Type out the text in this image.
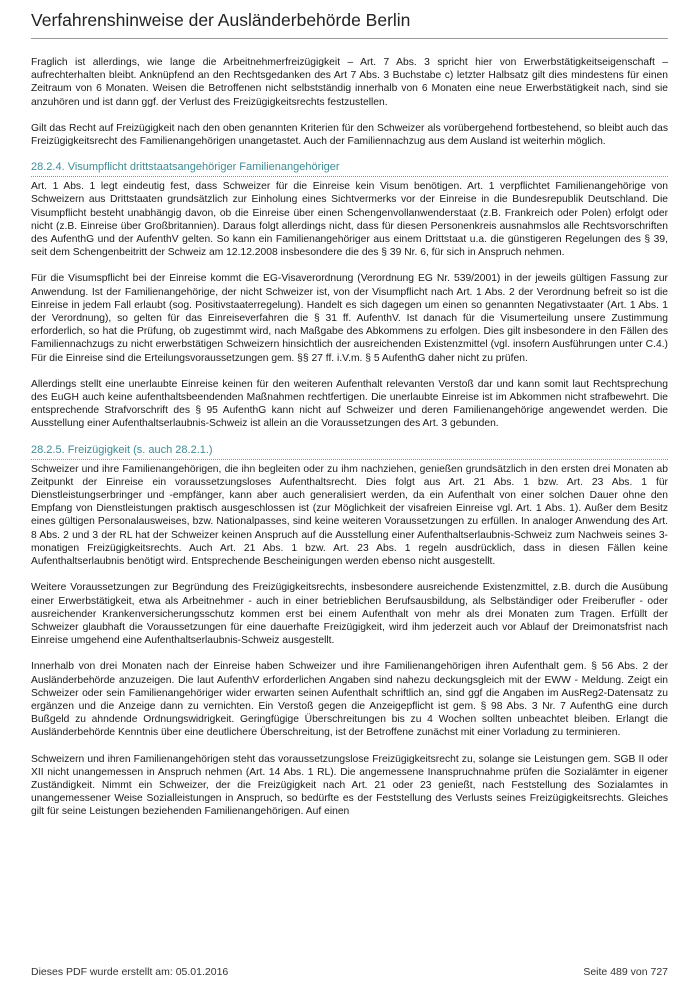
Verfahrenshinweise der Ausländerbehörde Berlin

Fraglich ist allerdings, wie lange die Arbeitnehmerfreizügigkeit – Art. 7 Abs. 3 spricht hier von Erwerbstätigkeitseigenschaft – aufrechterhalten bleibt. Anknüpfend an den Rechtsgedanken des Art 7 Abs. 3 Buchstabe c) letzter Halbsatz gilt dies mindestens für einen Zeitraum von 6 Monaten. Weisen die Betroffenen nicht selbstständig innerhalb von 6 Monaten eine neue Erwerbstätigkeit nach, sind sie anzuhören und ist dann ggf. der Verlust des Freizügigkeitsrechts festzustellen.

Gilt das Recht auf Freizügigkeit nach den oben genannten Kriterien für den Schweizer als vorübergehend fortbestehend, so bleibt auch das Freizügigkeitsrecht des Familienangehörigen unangetastet. Auch der Familiennachzug aus dem Ausland ist weiterhin möglich.

28.2.4. Visumpflicht drittstaatsangehöriger Familienangehöriger

Art. 1 Abs. 1 legt eindeutig fest, dass Schweizer für die Einreise kein Visum benötigen. Art. 1 verpflichtet Familienangehörige von Schweizern aus Drittstaaten grundsätzlich zur Einholung eines Sichtvermerks vor der Einreise in die Bundesrepublik Deutschland. Die Visumpflicht besteht unabhängig davon, ob die Einreise über einen Schengenvollanwenderstaat (z.B. Frankreich oder Polen) erfolgt oder nicht (z.B. Einreise über Großbritannien). Daraus folgt allerdings nicht, dass für diesen Personenkreis ausnahmslos alle Rechtsvorschriften des AufenthG und der AufenthV gelten. So kann ein Familienangehöriger aus einem Drittstaat u.a. die günstigeren Regelungen des § 39, seit dem Schengenbeitritt der Schweiz am 12.12.2008 insbesondere die des § 39 Nr. 6, für sich in Anspruch nehmen.

Für die Visumspflicht bei der Einreise kommt die EG-Visaverordnung (Verordnung EG Nr. 539/2001) in der jeweils gültigen Fassung zur Anwendung. Ist der Familienangehörige, der nicht Schweizer ist, von der Visumpflicht nach Art. 1 Abs. 2 der Verordnung befreit so ist die Einreise in jedem Fall erlaubt (sog. Positivstaaterregelung). Handelt es sich dagegen um einen so genannten Negativstaater (Art. 1 Abs. 1 der Verordnung), so gelten für das Einreiseverfahren die § 31 ff. AufenthV. Ist danach für die Visumerteilung unsere Zustimmung erforderlich, so hat die Prüfung, ob zugestimmt wird, nach Maßgabe des Abkommens zu erfolgen. Dies gilt insbesondere in den Fällen des Familiennachzugs zu nicht erwerbstätigen Schweizern hinsichtlich der ausreichenden Existenzmittel (vgl. insofern Ausführungen unter C.4.) Für die Einreise sind die Erteilungsvoraussetzungen gem. §§ 27 ff. i.V.m. § 5 AufenthG daher nicht zu prüfen.

Allerdings stellt eine unerlaubte Einreise keinen für den weiteren Aufenthalt relevanten Verstoß dar und kann somit laut Rechtsprechung des EuGH auch keine aufenthaltsbeendenden Maßnahmen rechtfertigen. Die unerlaubte Einreise ist im Abkommen nicht strafbewehrt. Die entsprechende Strafvorschrift des § 95 AufenthG kann nicht auf Schweizer und deren Familienangehörige angewendet werden. Die Ausstellung einer Aufenthaltserlaubnis-Schweiz ist allein an die Voraussetzungen des Art. 3 gebunden.

28.2.5. Freizügigkeit (s. auch 28.2.1.)

Schweizer und ihre Familienangehörigen, die ihn begleiten oder zu ihm nachziehen, genießen grundsätzlich in den ersten drei Monaten ab Zeitpunkt der Einreise ein voraussetzungsloses Aufenthaltsrecht. Dies folgt aus Art. 21 Abs. 1 bzw. Art. 23 Abs. 1 für Dienstleistungserbringer und -empfänger, kann aber auch generalisiert werden, da ein Aufenthalt von einer solchen Dauer ohne den Empfang von Dienstleistungen praktisch ausgeschlossen ist (zur Möglichkeit der visafreien Einreise vgl. Art. 1 Abs. 1). Außer dem Besitz eines gültigen Personalausweises, bzw. Nationalpasses, sind keine weiteren Voraussetzungen zu erfüllen. In analoger Anwendung des Art. 8 Abs. 2 und 3 der RL hat der Schweizer keinen Anspruch auf die Ausstellung einer Aufenthaltserlaubnis-Schweiz zum Nachweis seines 3-monatigen Freizügigkeitsrechts. Auch Art. 21 Abs. 1 bzw. Art. 23 Abs. 1 regeln ausdrücklich, dass in diesen Fällen keine Aufenthaltserlaubnis benötigt wird. Entsprechende Bescheinigungen werden ebenso nicht ausgestellt.

Weitere Voraussetzungen zur Begründung des Freizügigkeitsrechts, insbesondere ausreichende Existenzmittel, z.B. durch die Ausübung einer Erwerbstätigkeit, etwa als Arbeitnehmer - auch in einer betrieblichen Berufsausbildung, als Selbständiger oder Freiberufler - oder ausreichender Krankenversicherungsschutz kommen erst bei einem Aufenthalt von mehr als drei Monaten zum Tragen. Erfüllt der Schweizer glaubhaft die Voraussetzungen für eine dauerhafte Freizügigkeit, wird ihm jederzeit auch vor Ablauf der Dreimonatsfrist nach Einreise umgehend eine Aufenthaltserlaubnis-Schweiz ausgestellt.

Innerhalb von drei Monaten nach der Einreise haben Schweizer und ihre Familienangehörigen ihren Aufenthalt gem. § 56 Abs. 2 der Ausländerbehörde anzuzeigen. Die laut AufenthV erforderlichen Angaben sind nahezu deckungsgleich mit der EWW - Meldung. Zeigt ein Schweizer oder sein Familienangehöriger wider erwarten seinen Aufenthalt schriftlich an, sind ggf die Angaben im AusReg2-Datensatz zu ergänzen und die Anzeige dann zu vernichten. Ein Verstoß gegen die Anzeigepflicht ist gem. § 98 Abs. 3 Nr. 7 AufenthG eine durch Bußgeld zu ahndende Ordnungswidrigkeit. Geringfügige Überschreitungen bis zu 4 Wochen sollten unbeachtet bleiben. Erlangt die Ausländerbehörde Kenntnis über eine deutlichere Überschreitung, ist der Betroffene zunächst mit einer Vorladung zu terminieren.

Schweizern und ihren Familienangehörigen steht das voraussetzungslose Freizügigkeitsrecht zu, solange sie Leistungen gem. SGB II oder XII nicht unangemessen in Anspruch nehmen (Art. 14 Abs. 1 RL). Die angemessene Inanspruchnahme prüfen die Sozialämter in eigener Zuständigkeit. Nimmt ein Schweizer, der die Freizügigkeit nach Art. 21 oder 23 genießt, nach Feststellung des Sozialamtes in unangemessener Weise Sozialleistungen in Anspruch, so bedürfte es der Feststellung des Verlusts seines Freizügigkeitsrechts. Gleiches gilt für seine Leistungen beziehenden Familienangehörigen. Auf einen

Dieses PDF wurde erstellt am: 05.01.2016	Seite 489 von 727
